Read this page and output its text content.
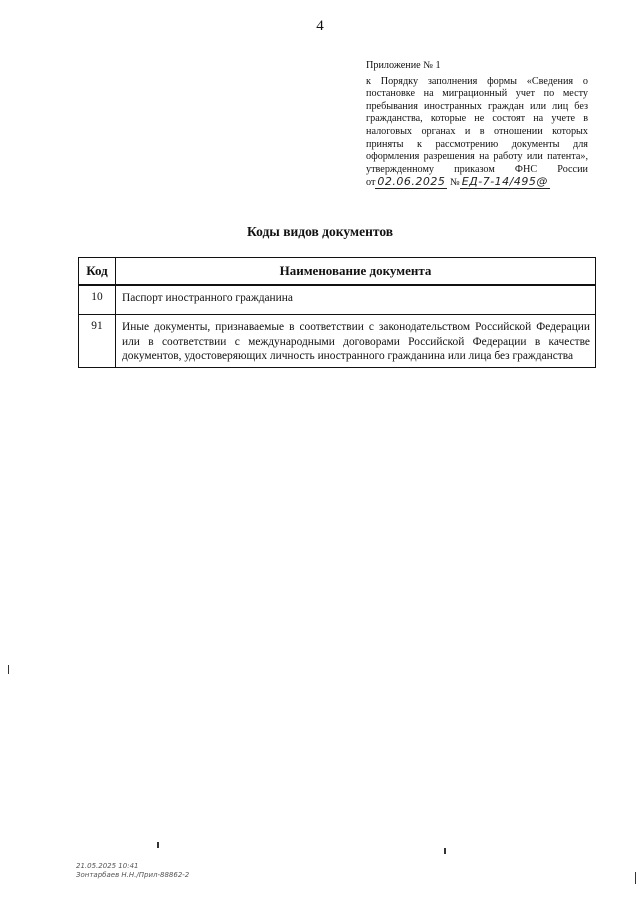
4
Приложение № 1
к Порядку заполнения формы «Сведения о постановке на миграционный учет по месту пребывания иностранных граждан или лиц без гражданства, которые не состоят на учете в налоговых органах и в отношении которых приняты к рассмотрению документы для оформления разрешения на работу или патента», утвержденному приказом ФНС России от 02.06.2025 № ЕД-7-14/495@
Коды видов документов
Код	Наименование документа
10	Паспорт иностранного гражданина
91	Иные документы, признаваемые в соответствии с законодательством Российской Федерации или в соответствии с международными договорами Российской Федерации в качестве документов, удостоверяющих личность иностранного гражданина или лица без гражданства
21.05.2025 10:41
Зонтарбаев Н.Н./Прил-88862-2
